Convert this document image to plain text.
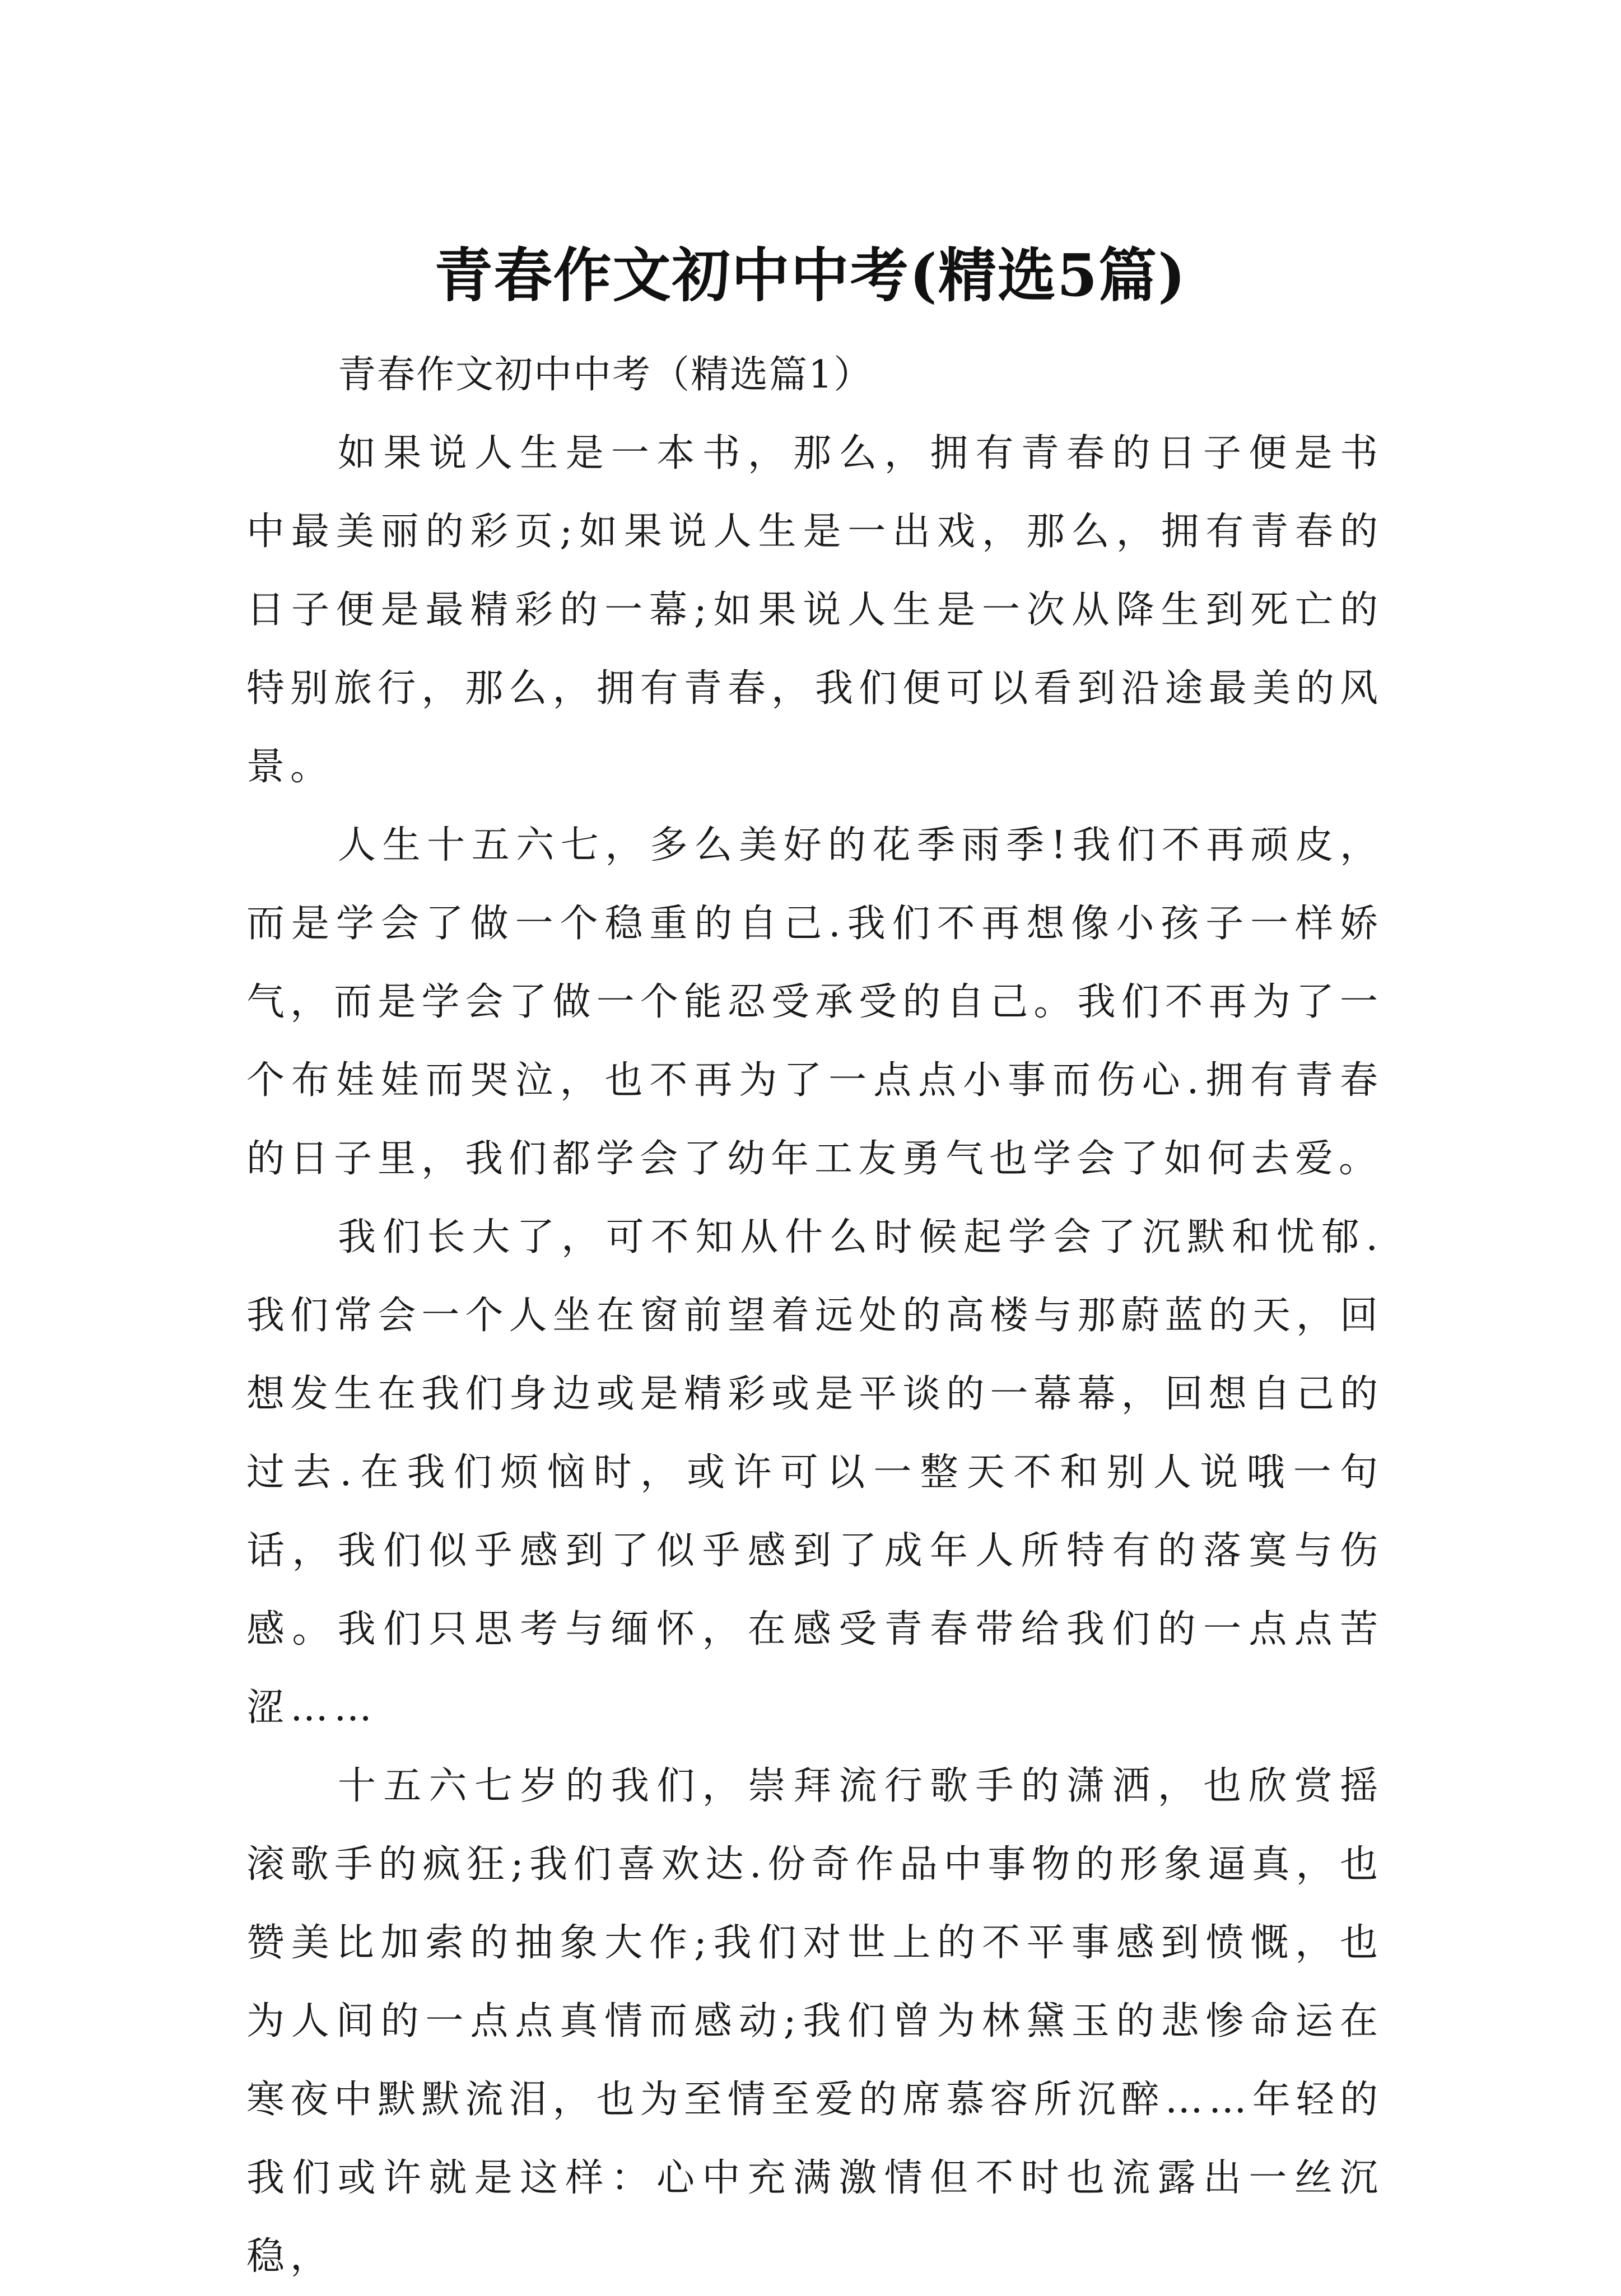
青春作文初中中考(精选5篇)

青春作文初中中考（精选篇1）

如果说人生是一本书，那么，拥有青春的日子便是书中最美丽的彩页;如果说人生是一出戏，那么，拥有青春的日子便是最精彩的一幕;如果说人生是一次从降生到死亡的特别旅行，那么，拥有青春，我们便可以看到沿途最美的风景。

人生十五六七，多么美好的花季雨季!我们不再顽皮，而是学会了做一个稳重的自己.我们不再想像小孩子一样娇气，而是学会了做一个能忍受承受的自己。我们不再为了一个布娃娃而哭泣，也不再为了一点点小事而伤心.拥有青春的日子里，我们都学会了幼年工友勇气也学会了如何去爱。

我们长大了，可不知从什么时候起学会了沉默和忧郁.我们常会一个人坐在窗前望着远处的高楼与那蔚蓝的天，回想发生在我们身边或是精彩或是平谈的一幕幕，回想自己的过去.在我们烦恼时，或许可以一整天不和别人说哦一句话，我们似乎感到了似乎感到了成年人所特有的落寞与伤感。我们只思考与缅怀，在感受青春带给我们的一点点苦涩……

十五六七岁的我们，崇拜流行歌手的潇洒，也欣赏摇滚歌手的疯狂;我们喜欢达.份奇作品中事物的形象逼真，也赞美比加索的抽象大作;我们对世上的不平事感到愤慨，也为人间的一点点真情而感动;我们曾为林黛玉的悲惨命运在寒夜中默默流泪，也为至情至爱的席慕容所沉醉……年轻的我们或许就是这样：心中充满激情但不时也流露出一丝沉稳，
